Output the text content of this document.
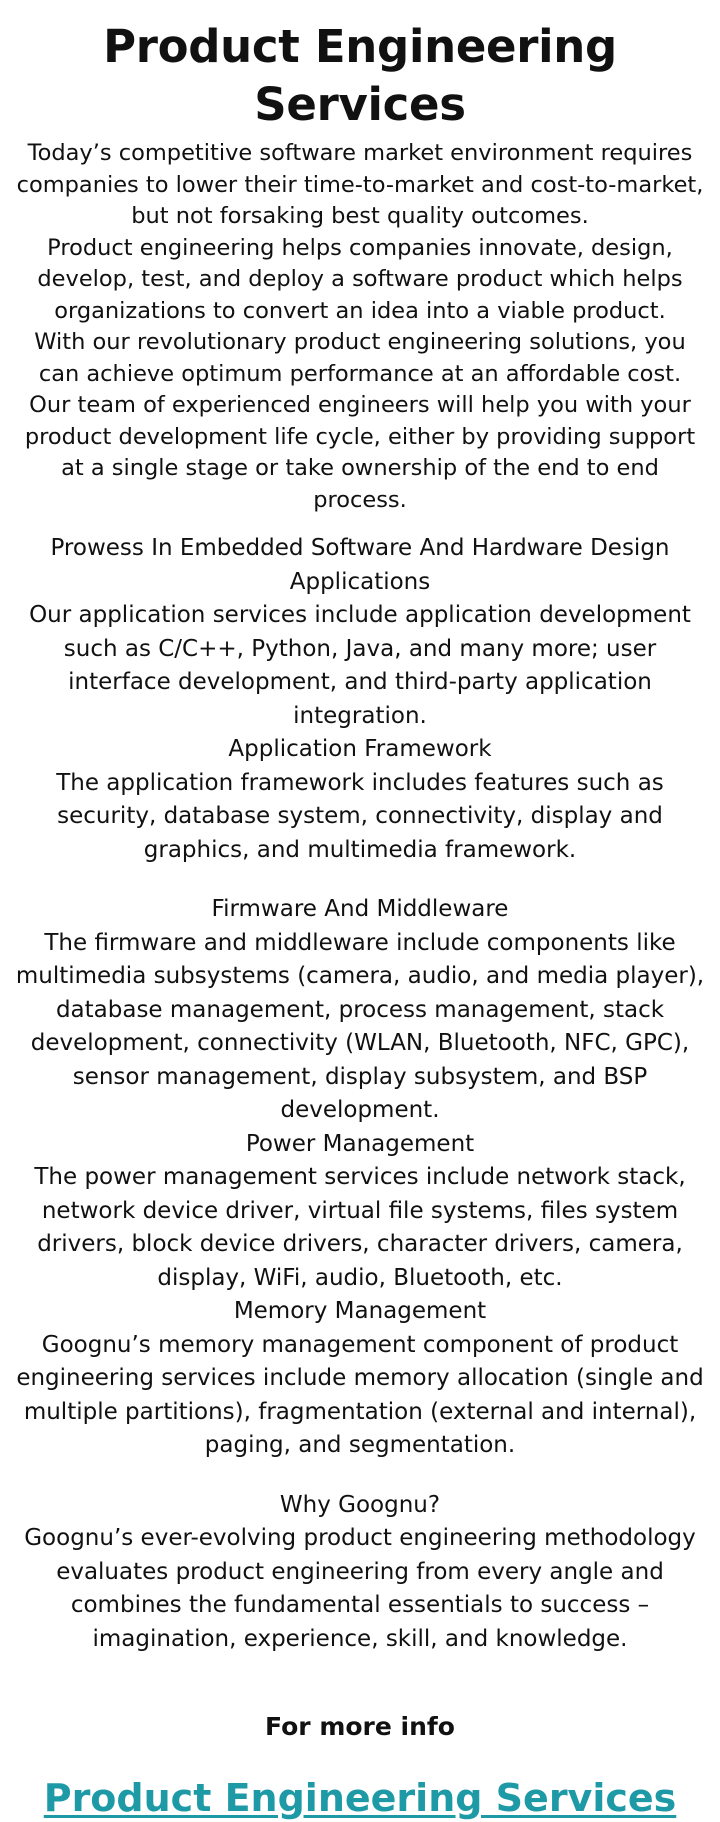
Product Engineering Services

Today’s competitive software market environment requires companies to lower their time-to-market and cost-to-market, but not forsaking best quality outcomes.

Product engineering helps companies innovate, design, develop, test, and deploy a software product which helps organizations to convert an idea into a viable product.

With our revolutionary product engineering solutions, you can achieve optimum performance at an affordable cost.

Our team of experienced engineers will help you with your product development life cycle, either by providing support at a single stage or take ownership of the end to end process.

Prowess In Embedded Software And Hardware Design

Applications

Our application services include application development such as C/C++, Python, Java, and many more; user interface development, and third-party application integration.

Application Framework

The application framework includes features such as security, database system, connectivity, display and graphics, and multimedia framework.

Firmware And Middleware

The firmware and middleware include components like multimedia subsystems (camera, audio, and media player), database management, process management, stack development, connectivity (WLAN, Bluetooth, NFC, GPC), sensor management, display subsystem, and BSP development.

Power Management

The power management services include network stack, network device driver, virtual file systems, files system drivers, block device drivers, character drivers, camera, display, WiFi, audio, Bluetooth, etc.

Memory Management

Goognu’s memory management component of product engineering services include memory allocation (single and multiple partitions), fragmentation (external and internal), paging, and segmentation.

Why Goognu?

Goognu’s ever-evolving product engineering methodology evaluates product engineering from every angle and combines the fundamental essentials to success – imagination, experience, skill, and knowledge.

For more info
Product Engineering Services
